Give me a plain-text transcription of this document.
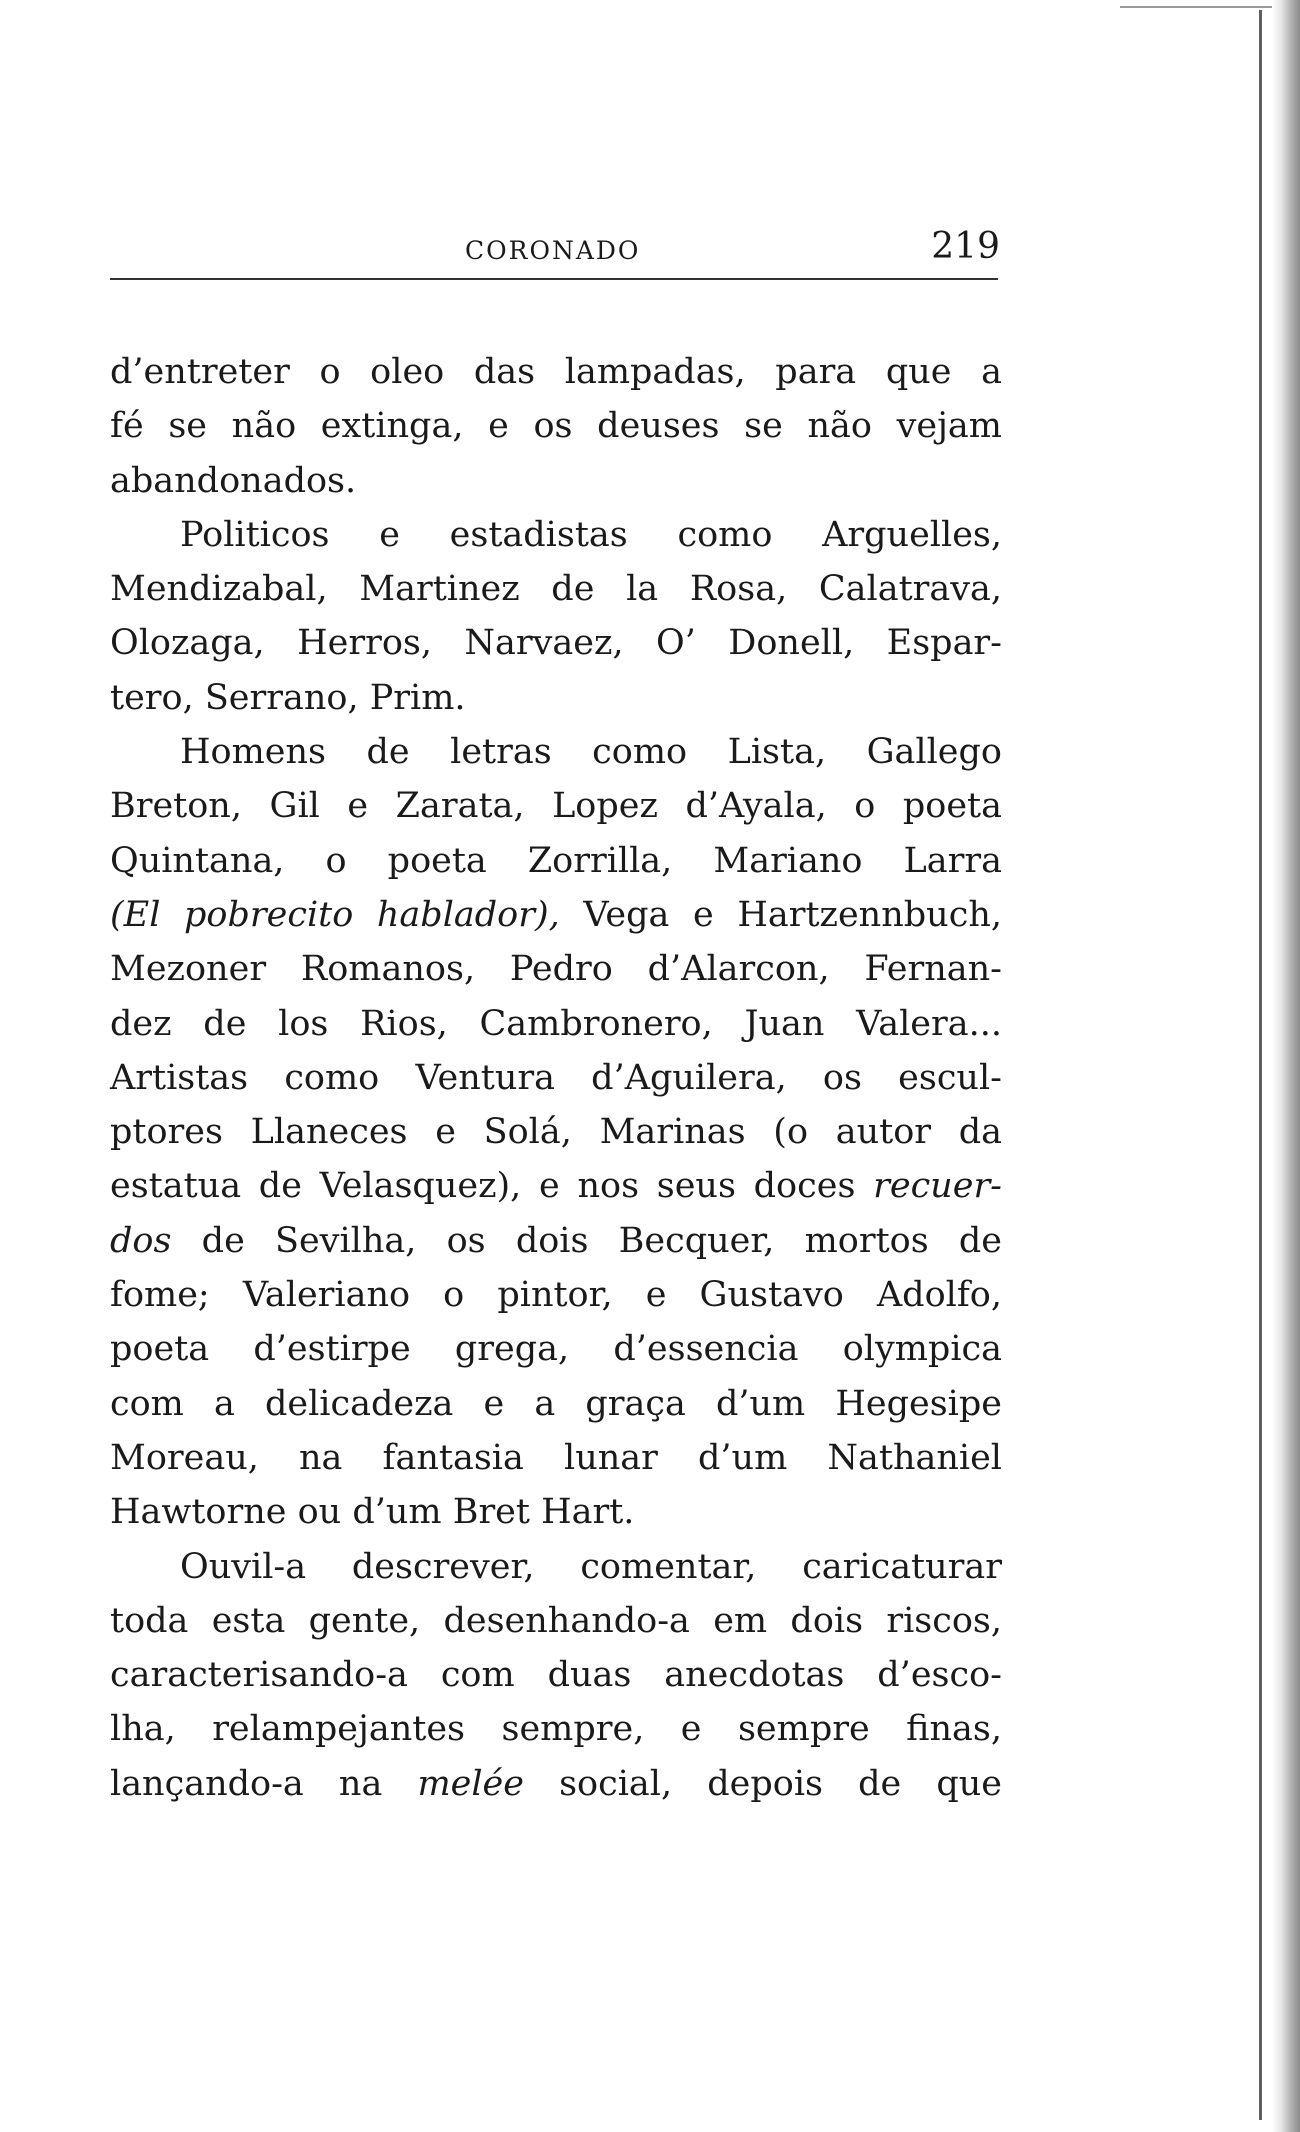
CORONADO	219
d’entreter o oleo das lampadas, para que a
fé se não extinga, e os deuses se não vejam
abandonados.
Politicos e estadistas como Arguelles,
Mendizabal, Martinez de la Rosa, Calatrava,
Olozaga, Herros, Narvaez, O’ Donell, Espar-
tero, Serrano, Prim.
Homens de letras como Lista, Gallego
Breton, Gil e Zarata, Lopez d’Ayala, o poeta
Quintana, o poeta Zorrilla, Mariano Larra
(El pobrecito hablador), Vega e Hartzennbuch,
Mezoner Romanos, Pedro d’Alarcon, Fernan-
dez de los Rios, Cambronero, Juan Valera...
Artistas como Ventura d’Aguilera, os escul-
ptores Llaneces e Solá, Marinas (o autor da
estatua de Velasquez), e nos seus doces recuer-
dos de Sevilha, os dois Becquer, mortos de
fome; Valeriano o pintor, e Gustavo Adolfo,
poeta d’estirpe grega, d’essencia olympica
com a delicadeza e a graça d’um Hegesipe
Moreau, na fantasia lunar d’um Nathaniel
Hawtorne ou d’um Bret Hart.
Ouvil-a descrever, comentar, caricaturar
toda esta gente, desenhando-a em dois riscos,
caracterisando-a com duas anecdotas d’esco-
lha, relampejantes sempre, e sempre finas,
lançando-a na melée social, depois de que
